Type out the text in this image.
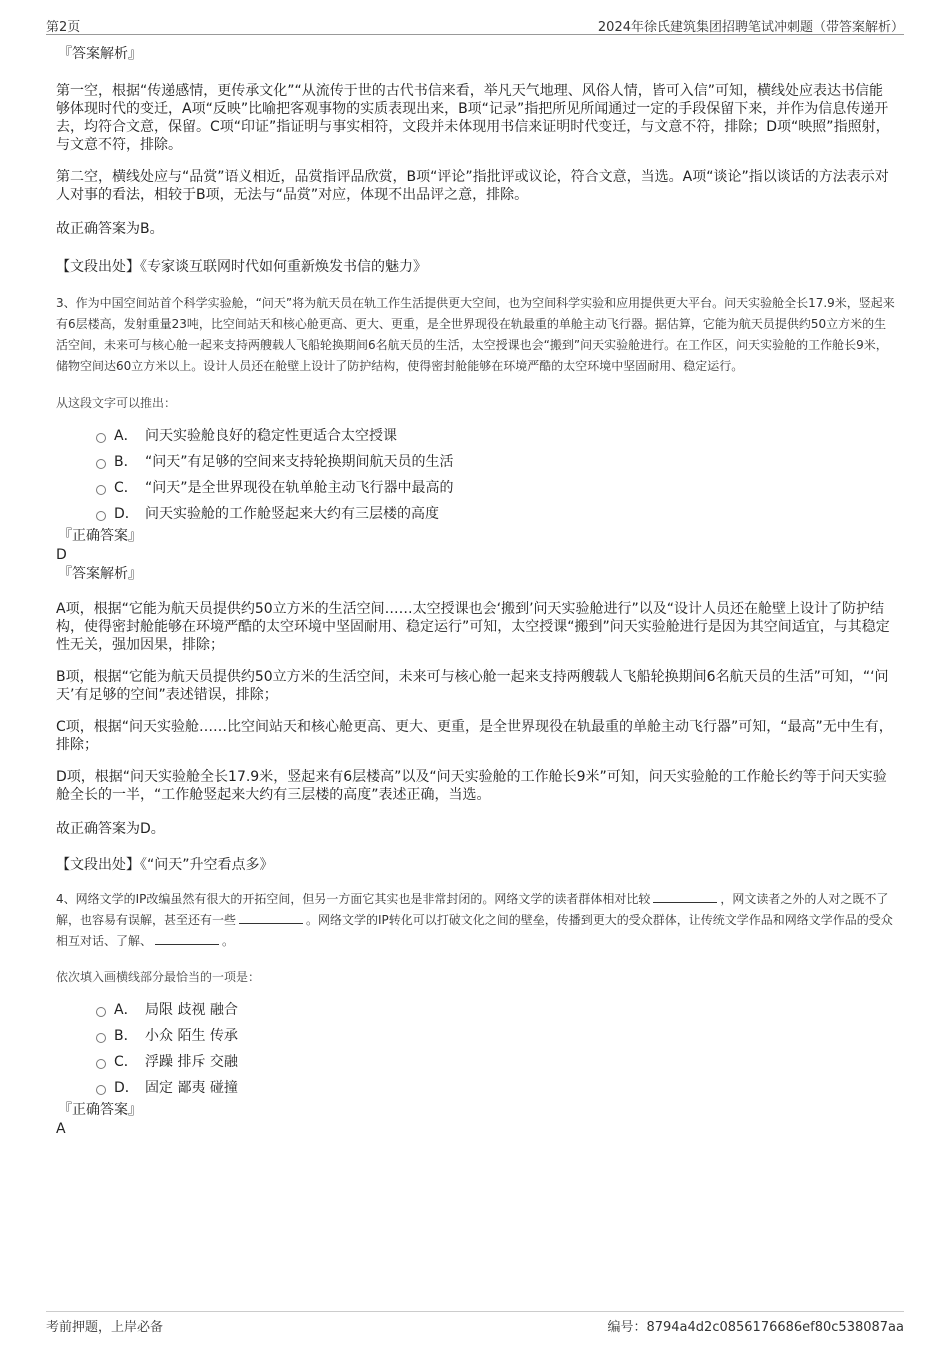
第2页	2024年徐氏建筑集团招聘笔试冲刺题（带答案解析）
『答案解析』

第一空，根据“传递感情，更传承文化”“从流传于世的古代书信来看，举凡天气地理、风俗人情，皆可入信”可知，横线处应表达书信能够体现时代的变迁，A项“反映”比喻把客观事物的实质表现出来，B项“记录”指把所见所闻通过一定的手段保留下来，并作为信息传递开去，均符合文意，保留。C项“印证”指证明与事实相符，文段并未体现用书信来证明时代变迁，与文意不符，排除；D项“映照”指照射，与文意不符，排除。

第二空，横线处应与“品赏”语义相近，品赏指评品欣赏，B项“评论”指批评或议论，符合文意，当选。A项“谈论”指以谈话的方法表示对人对事的看法，相较于B项，无法与“品赏”对应，体现不出品评之意，排除。

故正确答案为B。

【文段出处】《专家谈互联网时代如何重新焕发书信的魅力》

3、作为中国空间站首个科学实验舱，“问天”将为航天员在轨工作生活提供更大空间，也为空间科学实验和应用提供更大平台。问天实验舱全长17.9米，竖起来有6层楼高，发射重量23吨，比空间站天和核心舱更高、更大、更重，是全世界现役在轨最重的单舱主动飞行器。据估算，它能为航天员提供约50立方米的生活空间，未来可与核心舱一起来支持两艘载人飞船轮换期间6名航天员的生活，太空授课也会“搬到”问天实验舱进行。在工作区，问天实验舱的工作舱长9米，储物空间达60立方米以上。设计人员还在舱壁上设计了防护结构，使得密封舱能够在环境严酷的太空环境中坚固耐用、稳定运行。

从这段文字可以推出：

A． 问天实验舱良好的稳定性更适合太空授课
B． “问天”有足够的空间来支持轮换期间航天员的生活
C． “问天”是全世界现役在轨单舱主动飞行器中最高的
D． 问天实验舱的工作舱竖起来大约有三层楼的高度
『正确答案』
D
『答案解析』

A项，根据“它能为航天员提供约50立方米的生活空间……太空授课也会‘搬到’问天实验舱进行”以及“设计人员还在舱壁上设计了防护结构，使得密封舱能够在环境严酷的太空环境中坚固耐用、稳定运行”可知，太空授课“搬到”问天实验舱进行是因为其空间适宜，与其稳定性无关，强加因果，排除；

B项，根据“它能为航天员提供约50立方米的生活空间，未来可与核心舱一起来支持两艘载人飞船轮换期间6名航天员的生活”可知，“‘问天’有足够的空间”表述错误，排除；

C项，根据“问天实验舱……比空间站天和核心舱更高、更大、更重，是全世界现役在轨最重的单舱主动飞行器”可知，“最高”无中生有，排除；

D项，根据“问天实验舱全长17.9米，竖起来有6层楼高”以及“问天实验舱的工作舱长9米”可知，问天实验舱的工作舱长约等于问天实验舱全长的一半，“工作舱竖起来大约有三层楼的高度”表述正确，当选。

故正确答案为D。

【文段出处】《“问天”升空看点多》

4、网络文学的IP改编虽然有很大的开拓空间，但另一方面它其实也是非常封闭的。网络文学的读者群体相对比较	，网文读者之外的人对之既不了解，也容易有误解，甚至还有一些	。网络文学的IP转化可以打破文化之间的壁垒，传播到更大的受众群体，让传统文学作品和网络文学作品的受众相互对话、了解、	。

依次填入画横线部分最恰当的一项是：

A． 局限 歧视 融合
B． 小众 陌生 传承
C． 浮躁 排斥 交融
D． 固定 鄙夷 碰撞
『正确答案』
A
考前押题，上岸必备	编号：8794a4d2c0856176686ef80c538087aa
